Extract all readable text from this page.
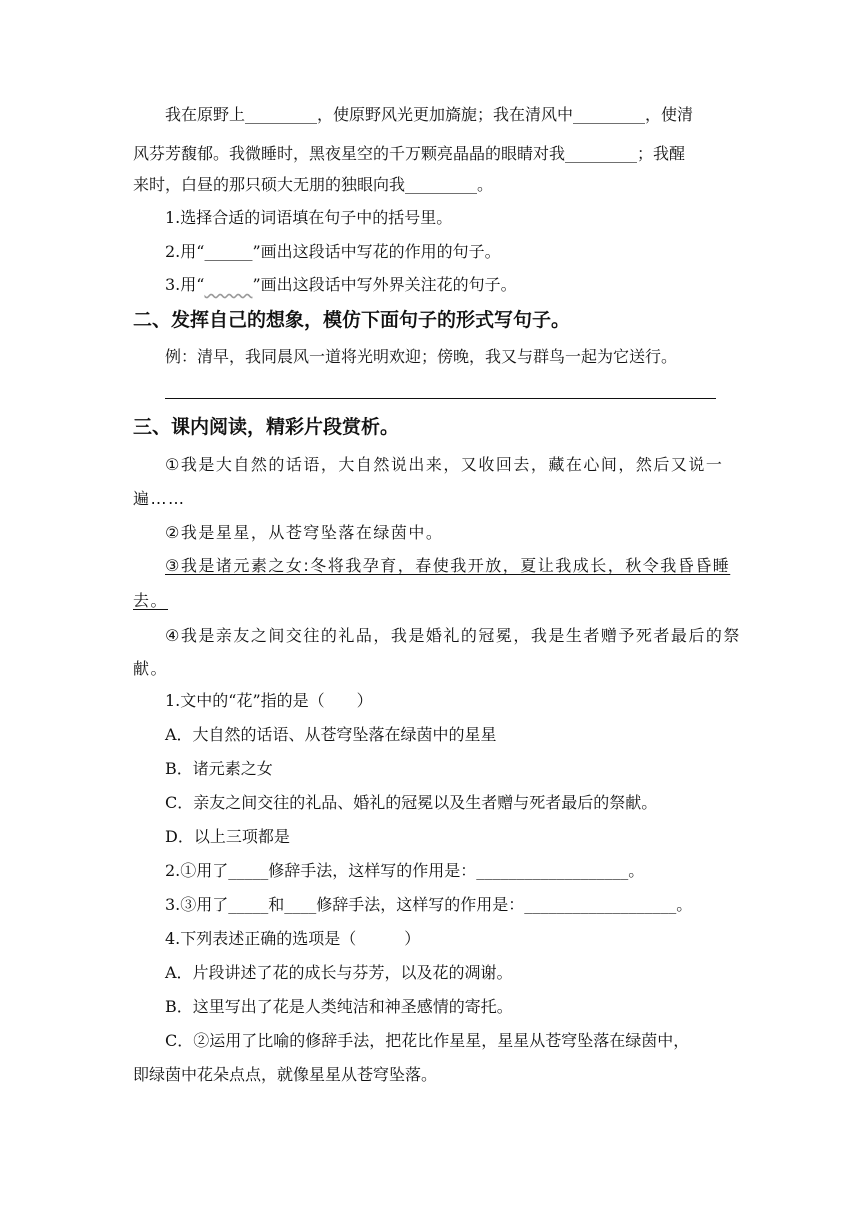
我在原野上_________，使原野风光更加旖旎；我在清风中_________，使清
风芬芳馥郁。我微睡时，黑夜星空的千万颗亮晶晶的眼睛对我_________；我醒
来时，白昼的那只硕大无朋的独眼向我_________。
1.选择合适的词语填在句子中的括号里。
2.用“______”画出这段话中写花的作用的句子。
3.用“	”画出这段话中写外界关注花的句子。
二、发挥自己的想象，模仿下面句子的形式写句子。
例：清早，我同晨风一道将光明欢迎；傍晚，我又与群鸟一起为它送行。
三、课内阅读，精彩片段赏析。
①我是大自然的话语，大自然说出来，又收回去，藏在心间，然后又说一
遍……
②我是星星，从苍穹坠落在绿茵中。
③我是诸元素之女:冬将我孕育，春使我开放，夏让我成长，秋令我昏昏睡
去。
④我是亲友之间交往的礼品，我是婚礼的冠冕，我是生者赠予死者最后的祭
献。
1.文中的“花”指的是（　　）
A．大自然的话语、从苍穹坠落在绿茵中的星星
B．诸元素之女
C．亲友之间交往的礼品、婚礼的冠冕以及生者赠与死者最后的祭献。
D．以上三项都是
2.①用了_____修辞手法，这样写的作用是：___________________。
3.③用了_____和____修辞手法，这样写的作用是：___________________。
4.下列表述正确的选项是（　　　）
A．片段讲述了花的成长与芬芳，以及花的凋谢。
B．这里写出了花是人类纯洁和神圣感情的寄托。
C．②运用了比喻的修辞手法，把花比作星星，星星从苍穹坠落在绿茵中，
即绿茵中花朵点点，就像星星从苍穹坠落。
